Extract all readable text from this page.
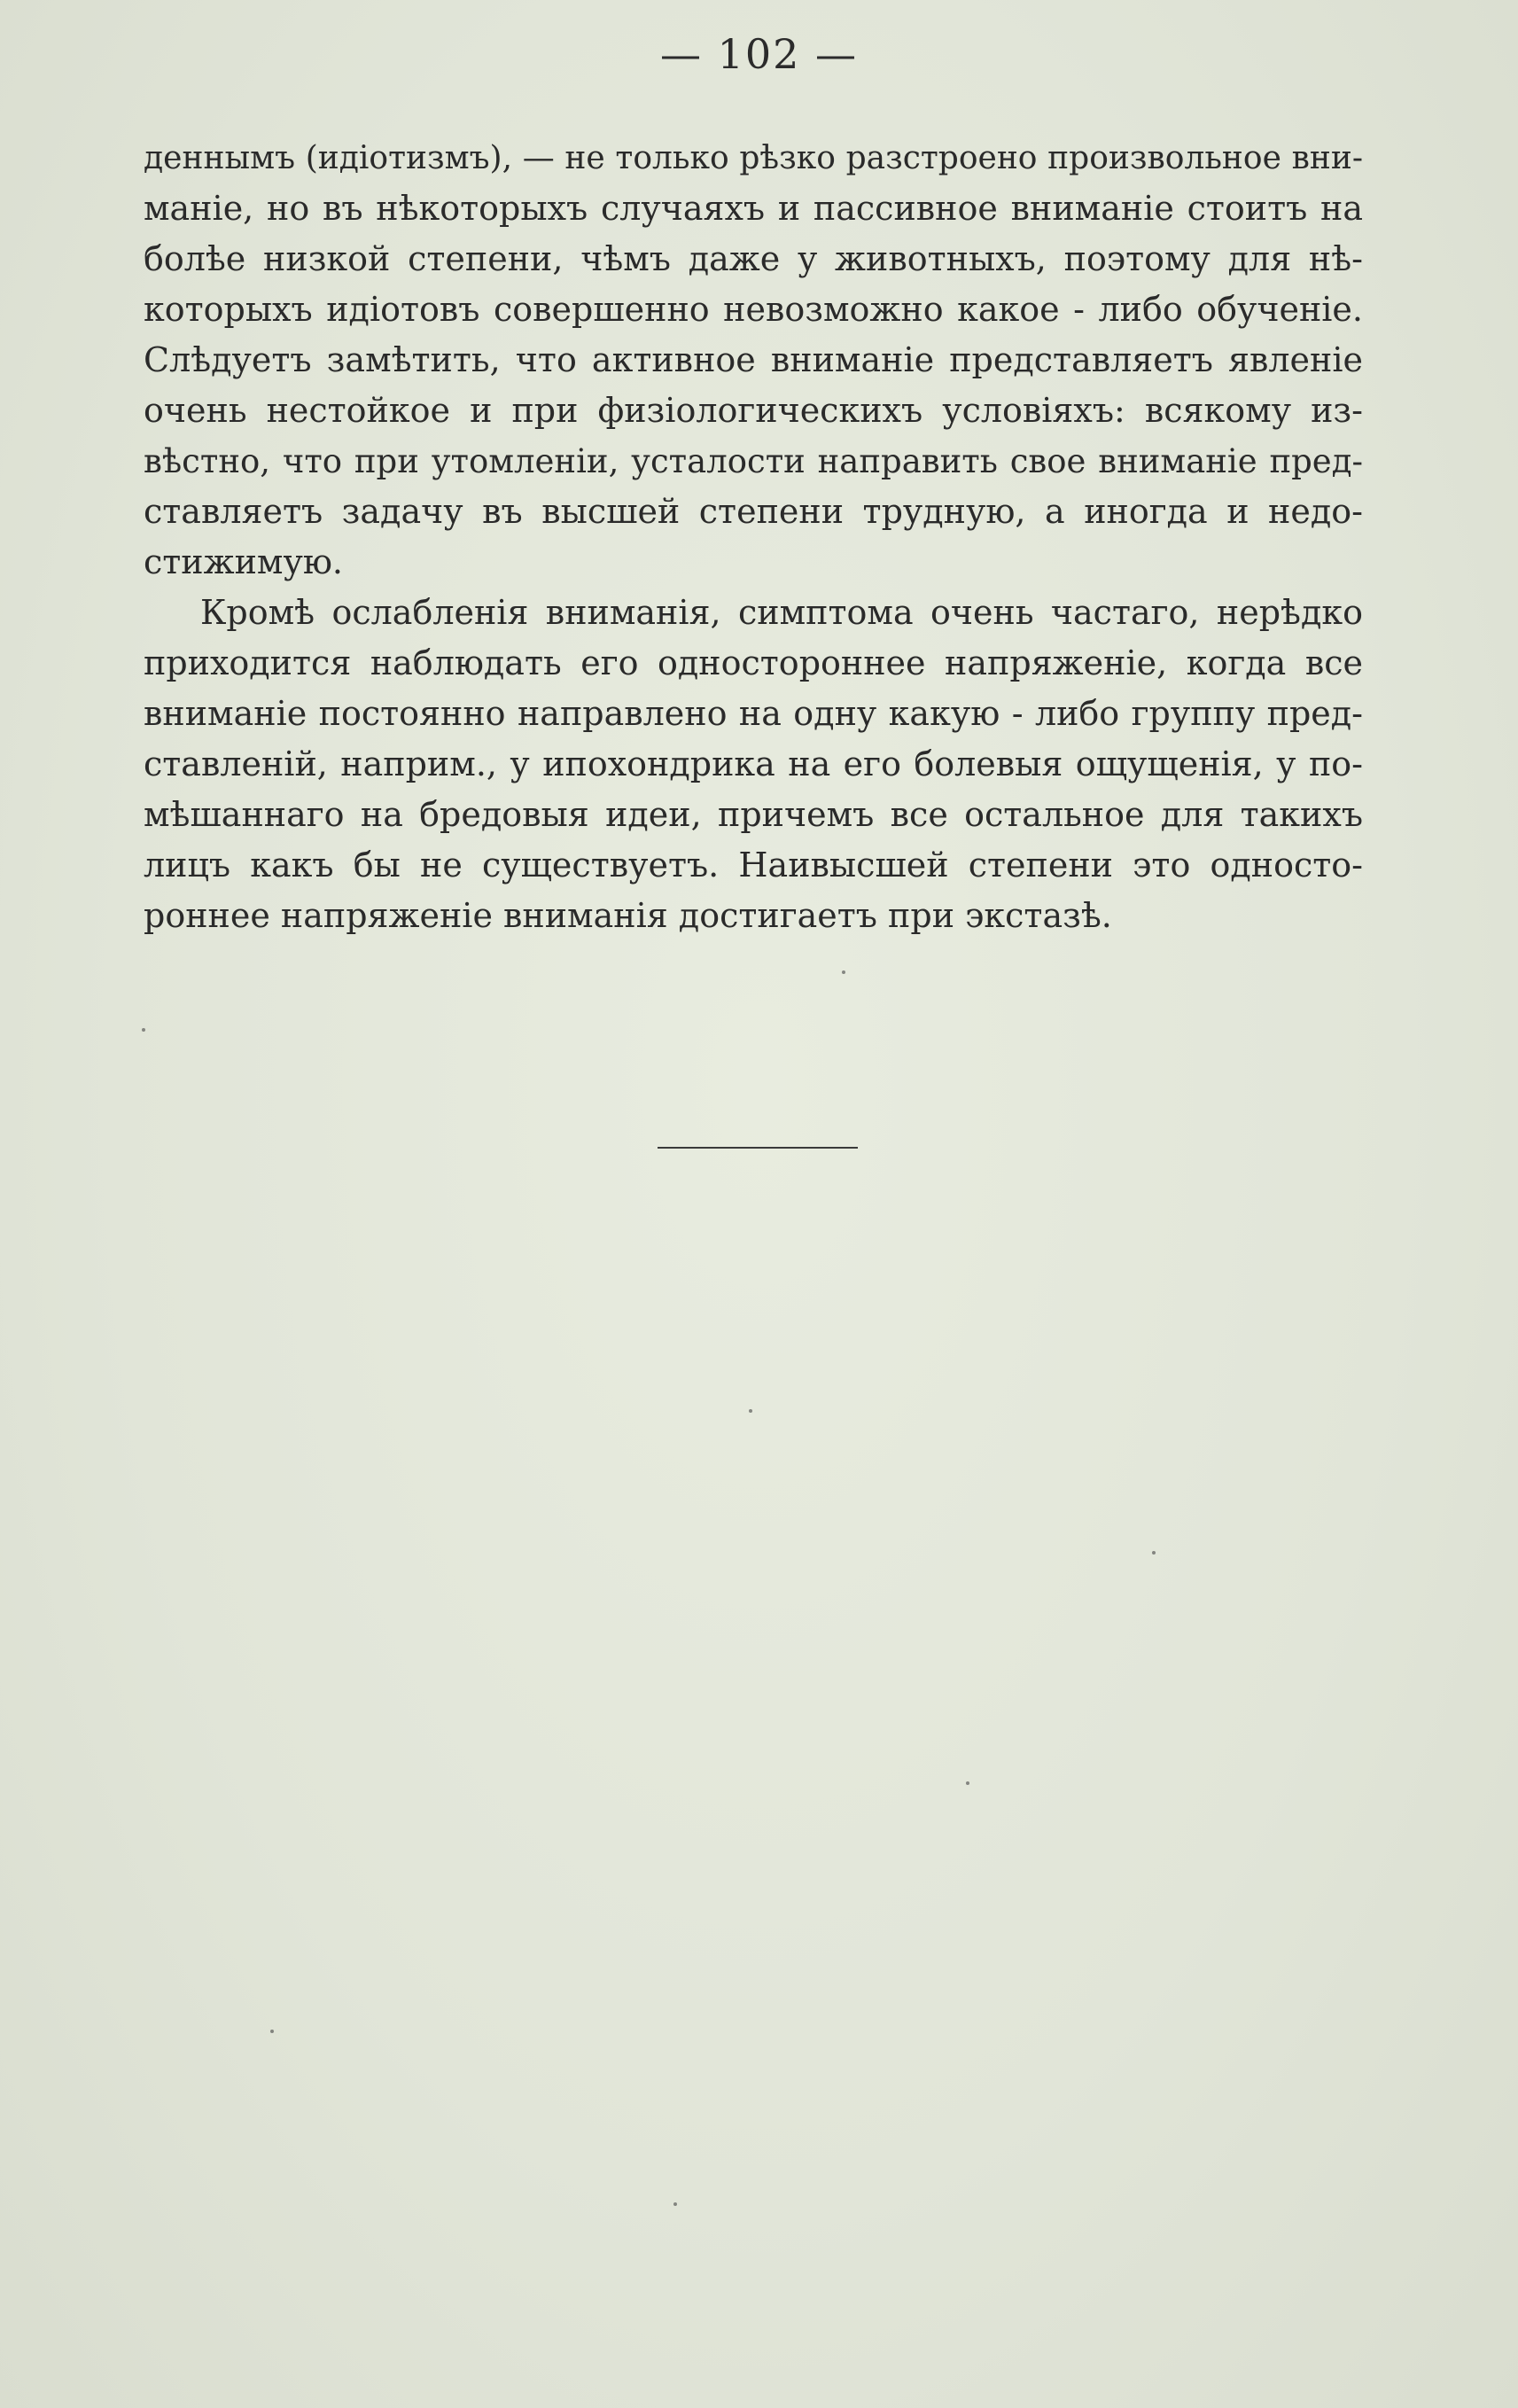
— 102 —
деннымъ (идіотизмъ), — не только рѣзко разстроено произвольное вни-
маніе, но въ нѣкоторыхъ случаяхъ и пассивное вниманіе стоитъ на
болѣе низкой степени, чѣмъ даже у животныхъ, поэтому для нѣ-
которыхъ идіотовъ совершенно невозможно какое - либо обученіе.
Слѣдуетъ замѣтить, что активное вниманіе представляетъ явленіе
очень нестойкое и при физіологическихъ условіяхъ: всякому из-
вѣстно, что при утомленіи, усталости направить свое вниманіе пред-
ставляетъ задачу въ высшей степени трудную, а иногда и недо-
стижимую.
Кромѣ ослабленія вниманія, симптома очень частаго, нерѣдко
приходится наблюдать его одностороннее напряженіе, когда все
вниманіе постоянно направлено на одну какую - либо группу пред-
ставленій, наприм., у ипохондрика на его болевыя ощущенія, у по-
мѣшаннаго на бредовыя идеи, причемъ все остальное для такихъ
лицъ какъ бы не существуетъ. Наивысшей степени это односто-
роннее напряженіе вниманія достигаетъ при экстазѣ.
